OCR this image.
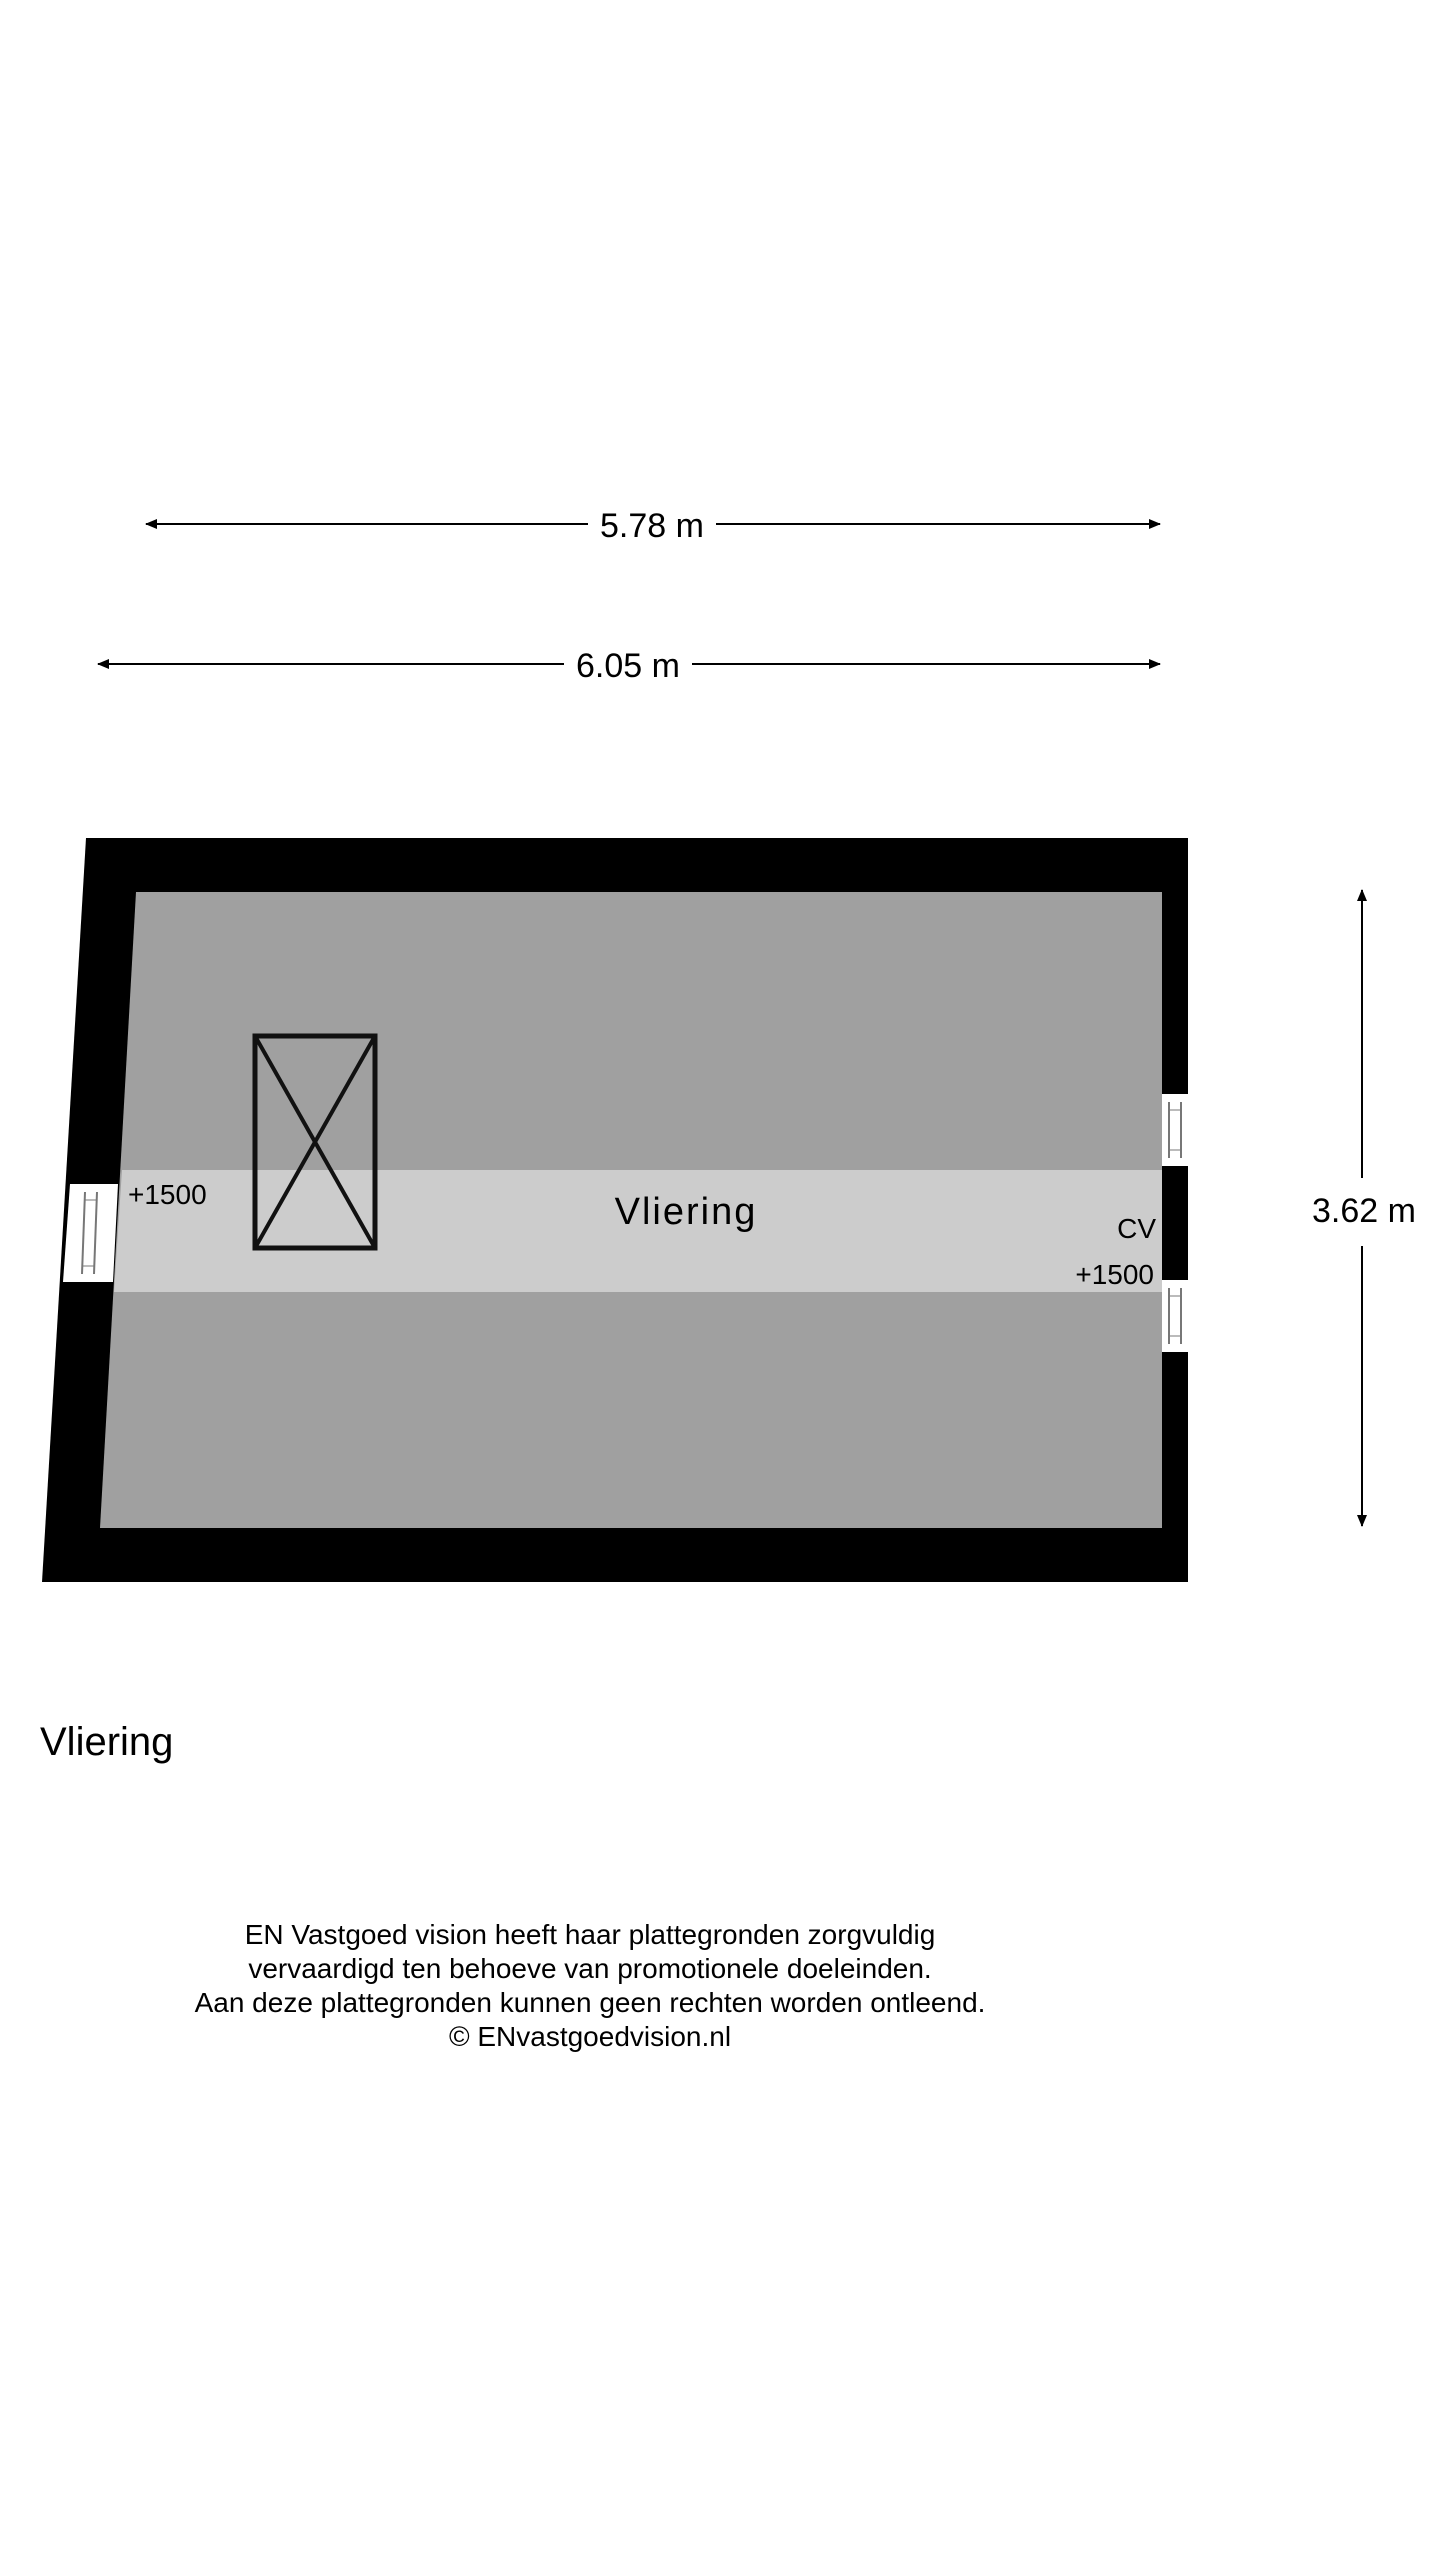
5.78 m
6.05 m
3.62 m
Vliering
+1500
CV
+1500
Vliering
EN Vastgoed vision heeft haar plattegronden zorgvuldig
vervaardigd ten behoeve van promotionele doeleinden.
Aan deze plattegronden kunnen geen rechten worden ontleend.
© ENvastgoedvision.nl
